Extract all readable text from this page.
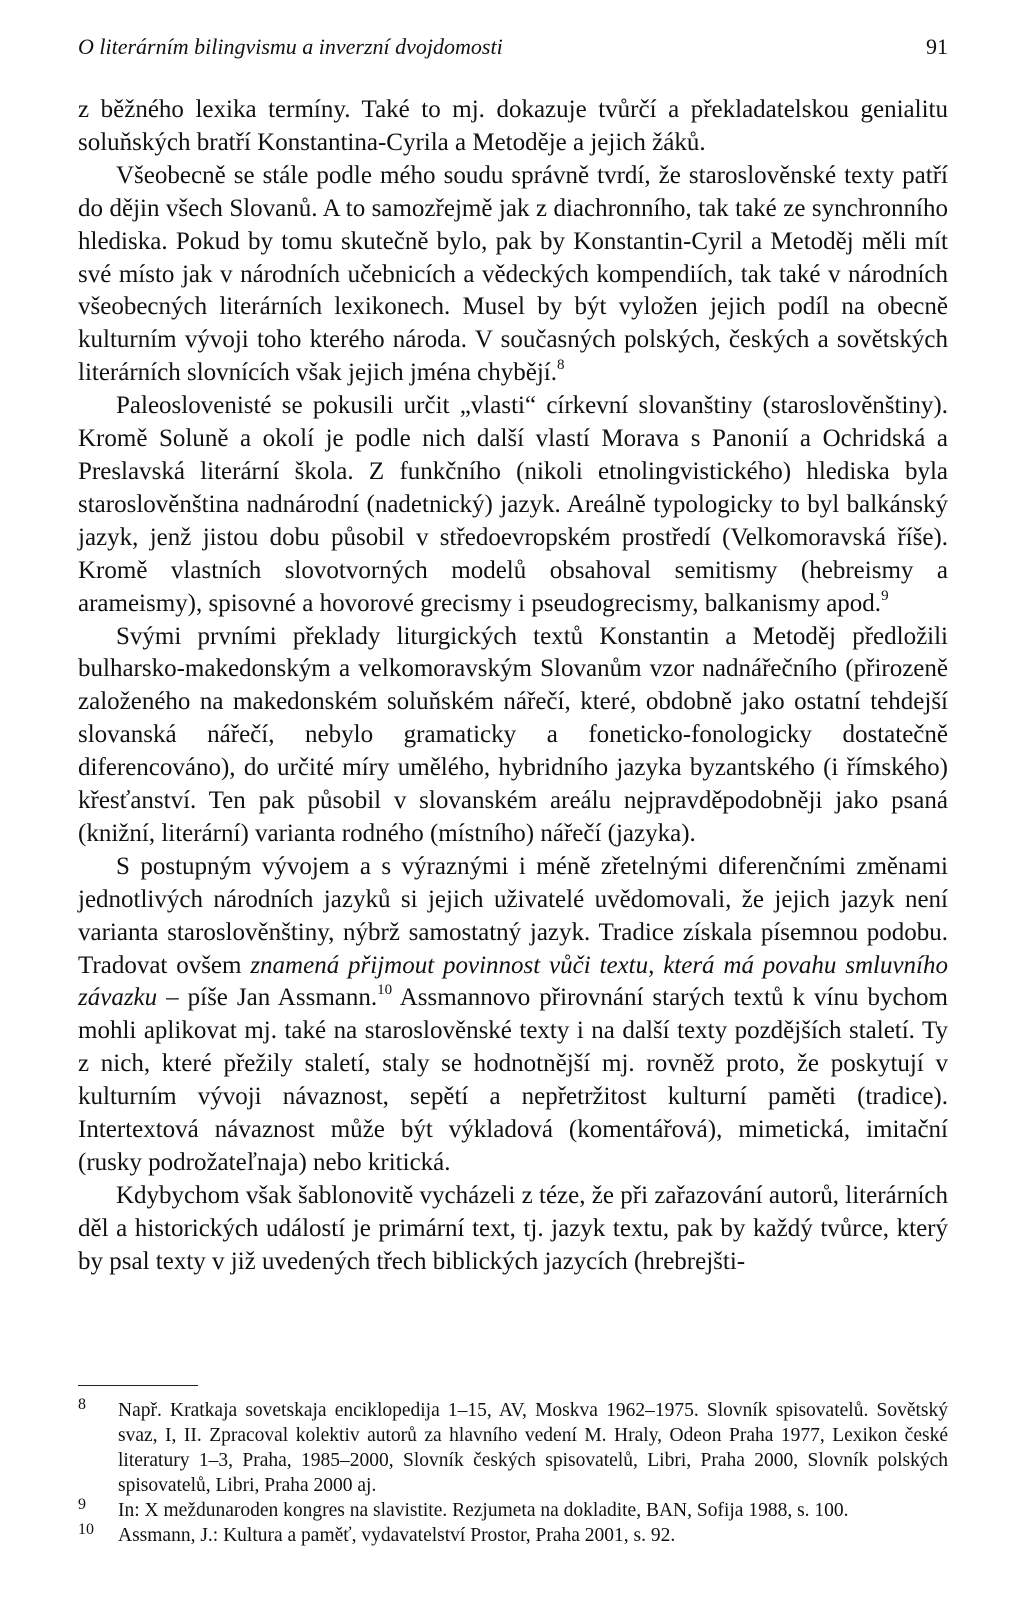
O literárním bilingvismu a inverzní dvojdomosti	91

z běžného lexika termíny. Také to mj. dokazuje tvůrčí a překladatelskou genialitu soluňských bratří Konstantina-Cyrila a Metoděje a jejich žáků.

Všeobecně se stále podle mého soudu správně tvrdí, že staroslověnské texty patří do dějin všech Slovanů. A to samozřejmě jak z diachronního, tak také ze synchronního hlediska. Pokud by tomu skutečně bylo, pak by Konstantin-Cyril a Metoděj měli mít své místo jak v národních učebnicích a vědeckých kompendiích, tak také v národních všeobecných literárních lexikonech. Musel by být vyložen jejich podíl na obecně kulturním vývoji toho kterého národa. V současných polských, českých a sovětských literárních slovnících však jejich jména chybějí.$^8$

Paleoslovenisté se pokusili určit „vlasti“ církevní slovanštiny (staroslověnštiny). Kromě Soluně a okolí je podle nich další vlastí Morava s Panonií a Ochridská a Preslavská literární škola. Z funkčního (nikoli etnolingvistického) hlediska byla staroslověnština nadnárodní (nadetnický) jazyk. Areálně typologicky to byl balkánský jazyk, jenž jistou dobu působil v středoevropském prostředí (Velkomoravská říše). Kromě vlastních slovotvorných modelů obsahoval semitismy (hebreismy a arameismy), spisovné a hovorové grecismy i pseudogrecismy, balkanismy apod.$^9$

Svými prvními překlady liturgických textů Konstantin a Metoděj předložili bulharsko-makedonským a velkomoravským Slovanům vzor nadnářečního (přirozeně založeného na makedonském soluňském nářečí, které, obdobně jako ostatní tehdejší slovanská nářečí, nebylo gramaticky a foneticko-fonologicky dostatečně diferencováno), do určité míry umělého, hybridního jazyka byzantského (i římského) křesťanství. Ten pak působil v slovanském areálu nejpravděpodobněji jako psaná (knižní, literární) varianta rodného (místního) nářečí (jazyka).

S postupným vývojem a s výraznými i méně zřetelnými diferenčními změnami jednotlivých národních jazyků si jejich uživatelé uvědomovali, že jejich jazyk není varianta staroslověnštiny, nýbrž samostatný jazyk. Tradice získala písemnou podobu. Tradovat ovšem znamená přijmout povinnost vůči textu, která má povahu smluvního závazku – píše Jan Assmann.$^{10}$ Assmannovo přirovnání starých textů k vínu bychom mohli aplikovat mj. také na staroslověnské texty i na další texty pozdějších staletí. Ty z nich, které přežily staletí, staly se hodnotnější mj. rovněž proto, že poskytují v kulturním vývoji návaznost, sepětí a nepřetržitost kulturní paměti (tradice). Intertextová návaznost může být výkladová (komentářová), mimetická, imitační (rusky podrožateľnaja) nebo kritická.

Kdybychom však šablonovitě vycházeli z téze, že při zařazování autorů, literárních děl a historických událostí je primární text, tj. jazyk textu, pak by každý tvůrce, který by psal texty v již uvedených třech biblických jazycích (hrebrejšti-

8 Např. Kratkaja sovetskaja enciklopedija 1–15, AV, Moskva 1962–1975. Slovník spisovatelů. Sovětský svaz, I, II. Zpracoval kolektiv autorů za hlavního vedení M. Hraly, Odeon Praha 1977, Lexikon české literatury 1–3, Praha, 1985–2000, Slovník českých spisovatelů, Libri, Praha 2000, Slovník polských spisovatelů, Libri, Praha 2000 aj.
9 In: X meždunaroden kongres na slavistite. Rezjumeta na dokladite, BAN, Sofija 1988, s. 100.
10 Assmann, J.: Kultura a paměť, vydavatelství Prostor, Praha 2001, s. 92.
